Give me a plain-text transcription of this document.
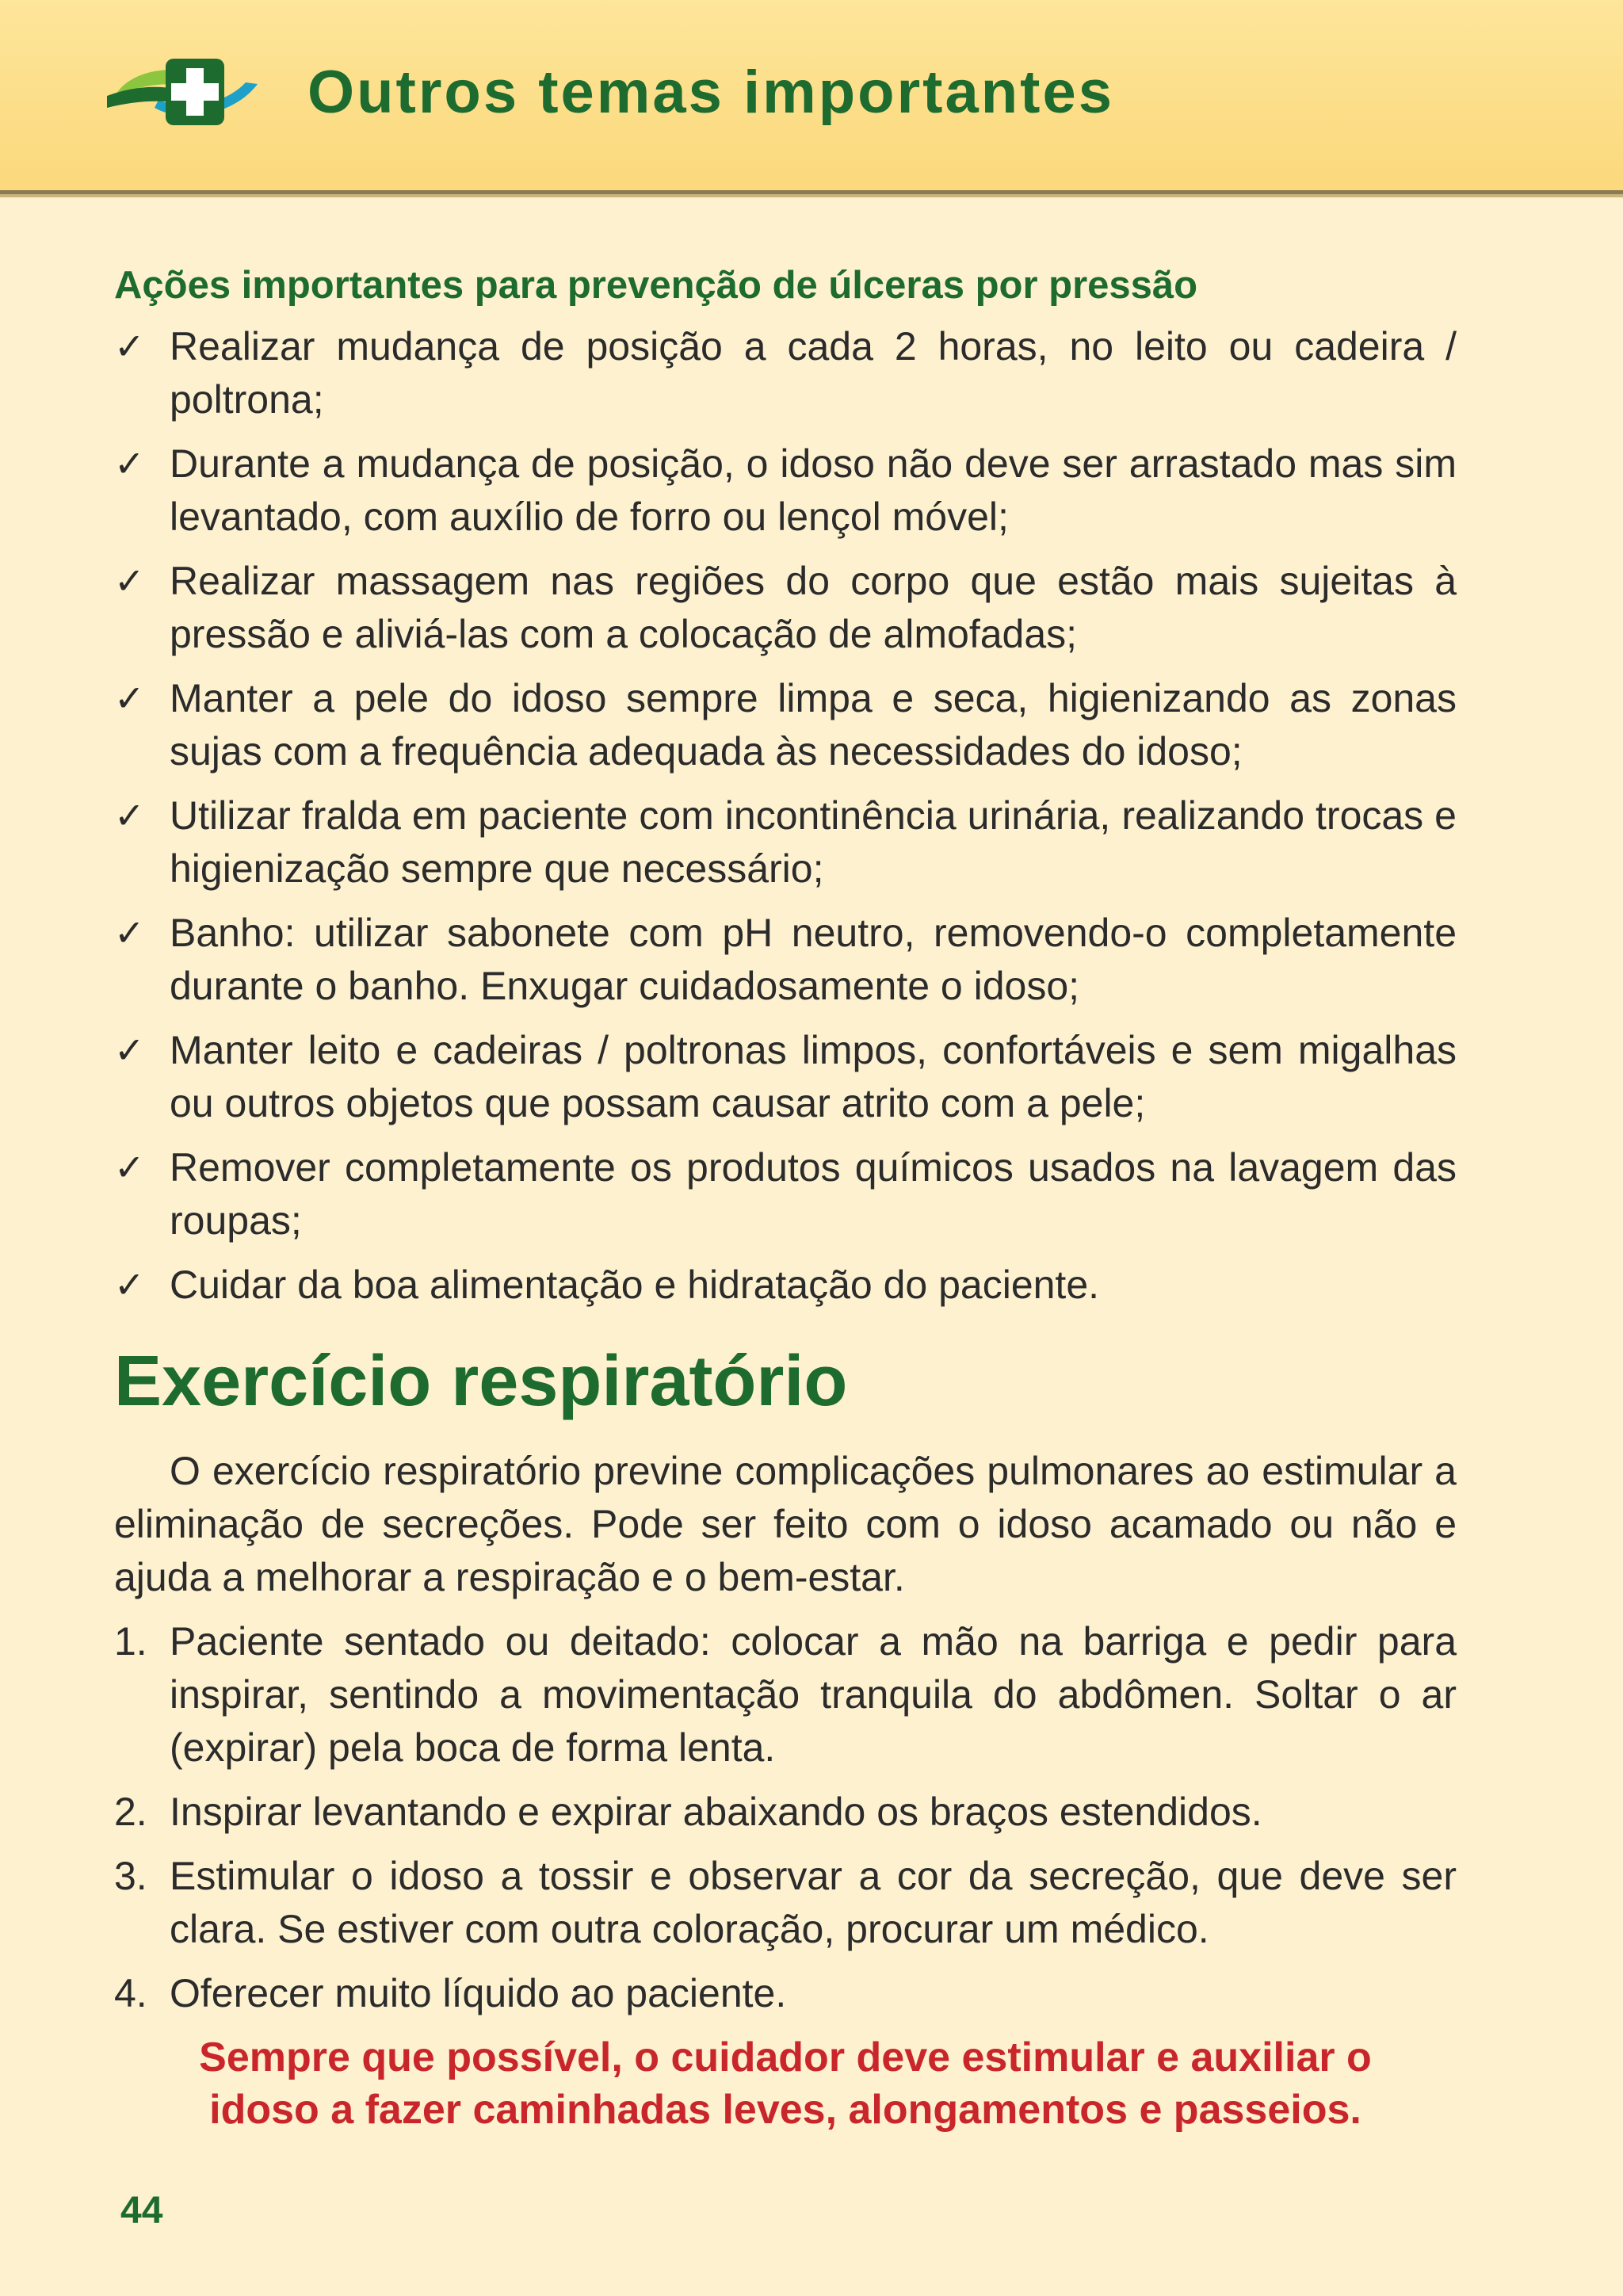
Outros temas importantes
Ações importantes para prevenção de úlceras por pressão
✓ Realizar mudança de posição a cada 2 horas, no leito ou cadeira / poltrona;
✓ Durante a mudança de posição, o idoso não deve ser arrastado mas sim levantado, com auxílio de forro ou lençol móvel;
✓ Realizar massagem nas regiões do corpo que estão mais sujeitas à pressão e aliviá-las com a colocação de almofadas;
✓ Manter a pele do idoso sempre limpa e seca, higienizando as zonas sujas com a frequência adequada às necessidades do idoso;
✓ Utilizar fralda em paciente com incontinência urinária, realizando trocas e higienização sempre que necessário;
✓ Banho: utilizar sabonete com pH neutro, removendo-o completamente durante o banho. Enxugar cuidadosamente o idoso;
✓ Manter leito e cadeiras / poltronas limpos, confortáveis e sem migalhas ou outros objetos que possam causar atrito com a pele;
✓ Remover completamente os produtos químicos usados na lavagem das roupas;
✓ Cuidar da boa alimentação e hidratação do paciente.
Exercício respiratório

O exercício respiratório previne complicações pulmonares ao estimular a eliminação de secreções. Pode ser feito com o idoso acamado ou não e ajuda a melhorar a respiração e o bem-estar.

1. Paciente sentado ou deitado: colocar a mão na barriga e pedir para inspirar, sentindo a movimentação tranquila do abdômen. Soltar o ar (expirar) pela boca de forma lenta.
2. Inspirar levantando e expirar abaixando os braços estendidos.
3. Estimular o idoso a tossir e observar a cor da secreção, que deve ser clara. Se estiver com outra coloração, procurar um médico.
4. Oferecer muito líquido ao paciente.
Sempre que possível, o cuidador deve estimular e auxiliar o
idoso a fazer caminhadas leves, alongamentos e passeios.
44
